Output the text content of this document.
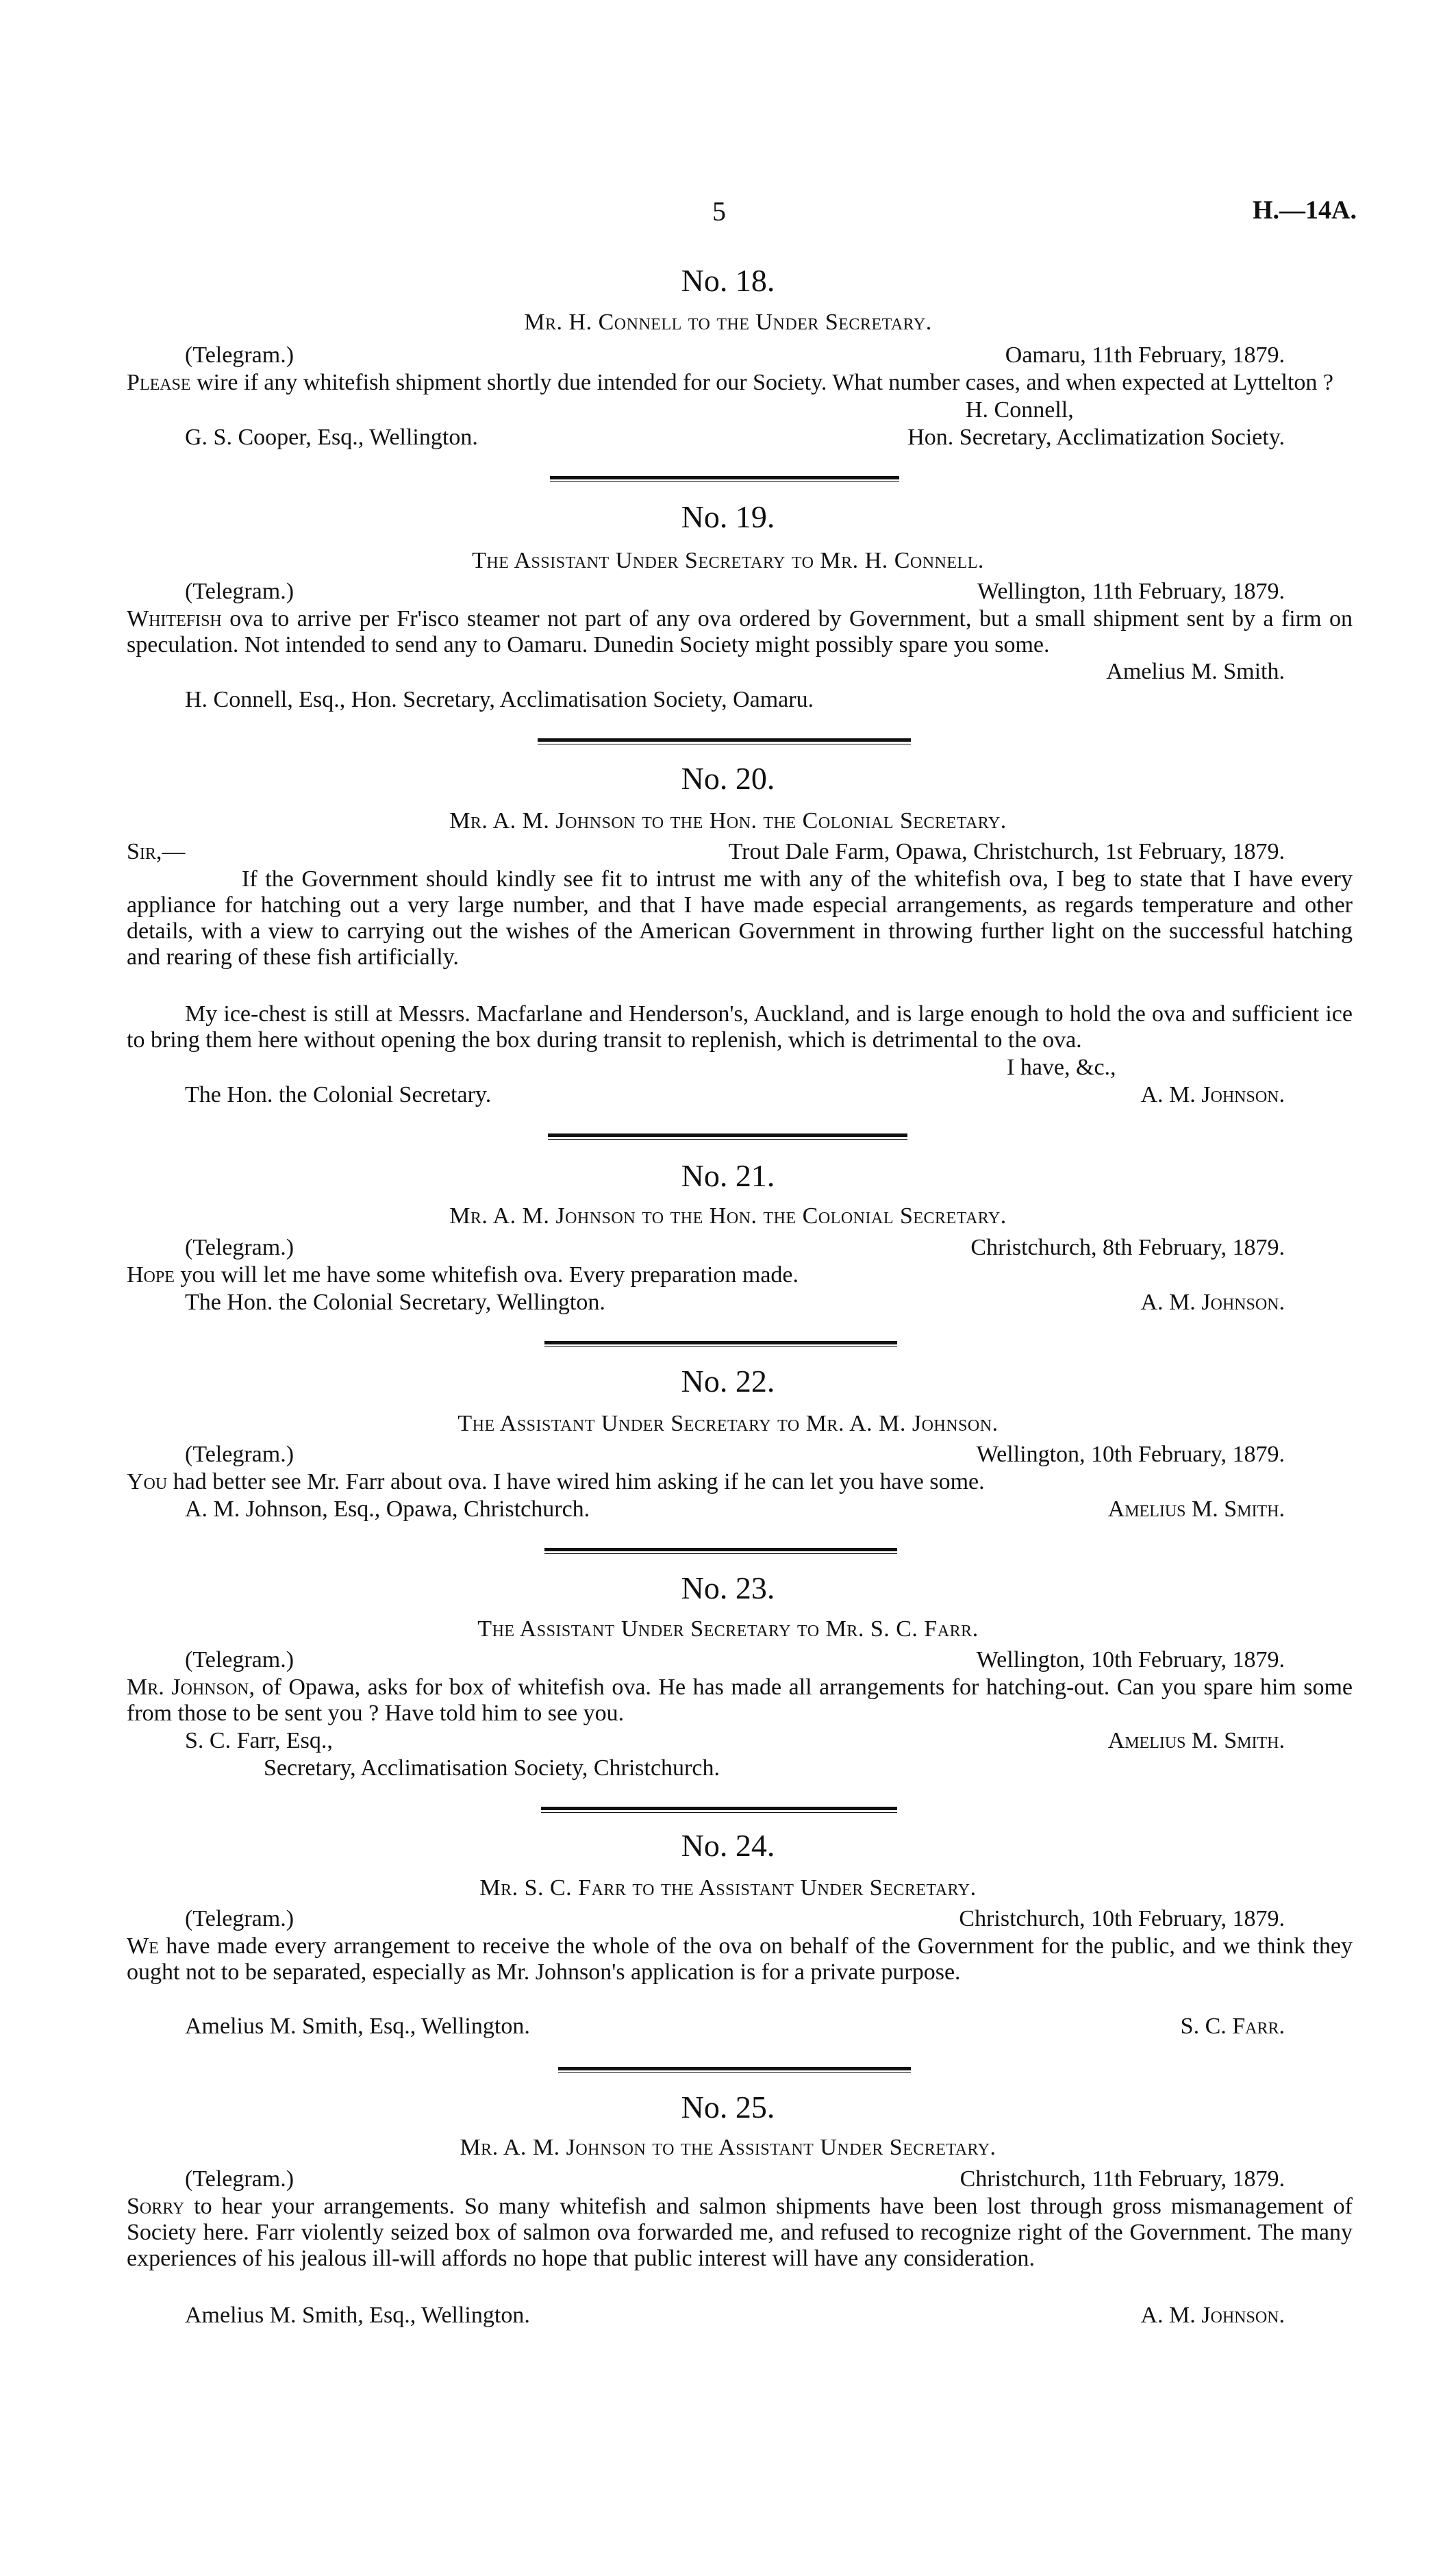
5	H.—14A.
No. 18.
Mr. H. Connell to the Under Secretary.
(Telegram.)	Oamaru, 11th February, 1879.
Please wire if any whitefish shipment shortly due intended for our Society. What number cases, and when expected at Lyttelton ?
H. Connell,
G. S. Cooper, Esq., Wellington.	Hon. Secretary, Acclimatization Society.
No. 19.
The Assistant Under Secretary to Mr. H. Connell.
(Telegram.)	Wellington, 11th February, 1879.
Whitefish ova to arrive per Fr'isco steamer not part of any ova ordered by Government, but a small shipment sent by a firm on speculation. Not intended to send any to Oamaru. Dunedin Society might possibly spare you some.
Amelius M. Smith.
H. Connell, Esq., Hon. Secretary, Acclimatisation Society, Oamaru.
No. 20.
Mr. A. M. Johnson to the Hon. the Colonial Secretary.
Sir,—	Trout Dale Farm, Opawa, Christchurch, 1st February, 1879.
If the Government should kindly see fit to intrust me with any of the whitefish ova, I beg to state that I have every appliance for hatching out a very large number, and that I have made especial arrangements, as regards temperature and other details, with a view to carrying out the wishes of the American Government in throwing further light on the successful hatching and rearing of these fish artificially.
My ice-chest is still at Messrs. Macfarlane and Henderson's, Auckland, and is large enough to hold the ova and sufficient ice to bring them here without opening the box during transit to replenish, which is detrimental to the ova.
I have, &c.,
The Hon. the Colonial Secretary.	A. M. Johnson.
No. 21.
Mr. A. M. Johnson to the Hon. the Colonial Secretary.
(Telegram.)	Christchurch, 8th February, 1879.
Hope you will let me have some whitefish ova. Every preparation made.
The Hon. the Colonial Secretary, Wellington.	A. M. Johnson.
No. 22.
The Assistant Under Secretary to Mr. A. M. Johnson.
(Telegram.)	Wellington, 10th February, 1879.
You had better see Mr. Farr about ova. I have wired him asking if he can let you have some.
A. M. Johnson, Esq., Opawa, Christchurch.	Amelius M. Smith.
No. 23.
The Assistant Under Secretary to Mr. S. C. Farr.
(Telegram.)	Wellington, 10th February, 1879.
Mr. Johnson, of Opawa, asks for box of whitefish ova. He has made all arrangements for hatching-out. Can you spare him some from those to be sent you ? Have told him to see you.
S. C. Farr, Esq.,	Amelius M. Smith.
Secretary, Acclimatisation Society, Christchurch.
No. 24.
Mr. S. C. Farr to the Assistant Under Secretary.
(Telegram.)	Christchurch, 10th February, 1879.
We have made every arrangement to receive the whole of the ova on behalf of the Government for the public, and we think they ought not to be separated, especially as Mr. Johnson's application is for a private purpose.
Amelius M. Smith, Esq., Wellington.	S. C. Farr.
No. 25.
Mr. A. M. Johnson to the Assistant Under Secretary.
(Telegram.)	Christchurch, 11th February, 1879.
Sorry to hear your arrangements. So many whitefish and salmon shipments have been lost through gross mismanagement of Society here. Farr violently seized box of salmon ova forwarded me, and refused to recognize right of the Government. The many experiences of his jealous ill-will affords no hope that public interest will have any consideration.
Amelius M. Smith, Esq., Wellington.	A. M. Johnson.
